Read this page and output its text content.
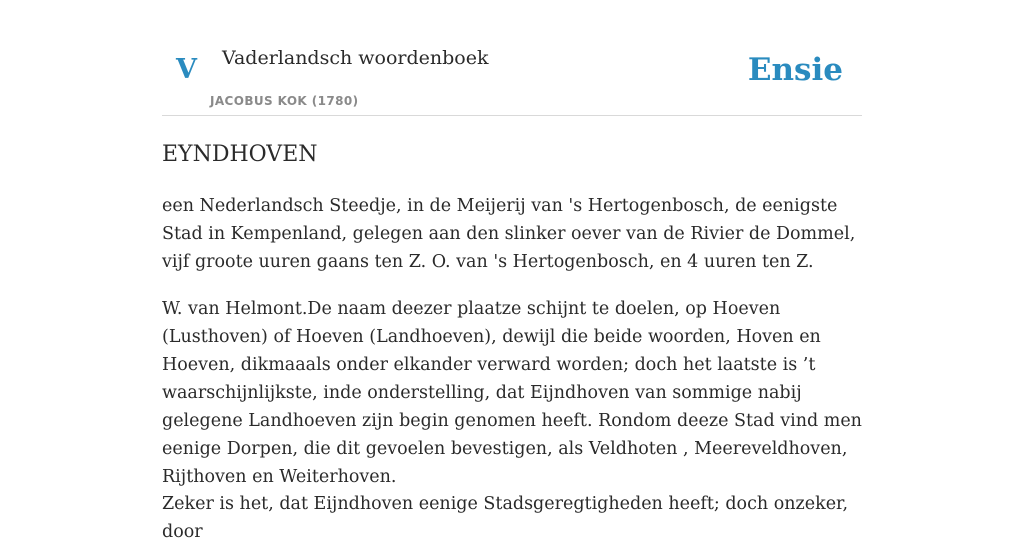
V Vaderlandsch woordenboek
JACOBUS KOK (1780)
Ensie
EYNDHOVEN

een Nederlandsch Steedje, in de Meijerij van 's Hertogenbosch, de eenigste Stad in Kempenland, gelegen aan den slinker oever van de Rivier de Dommel, vijf groote uuren gaans ten Z. O. van 's Hertogenbosch, en 4 uuren ten Z.

W. van Helmont.De naam deezer plaatze schijnt te doelen, op Hoeven (Lusthoven) of Hoeven (Landhoeven), dewijl die beide woorden, Hoven en Hoeven, dikmaaals onder elkander verward worden; doch het laatste is ’t waarschijnlijkste, inde onderstelling, dat Eijndhoven van sommige nabij gelegene Landhoeven zijn begin genomen heeft. Rondom deeze Stad vind men eenige Dorpen, die dit gevoelen bevestigen, als Veldhoten , Meereveldhoven, Rijthoven en Weiterhoven.

Zeker is het, dat Eijndhoven eenige Stadsgeregtigheden heeft; doch onzeker, door
